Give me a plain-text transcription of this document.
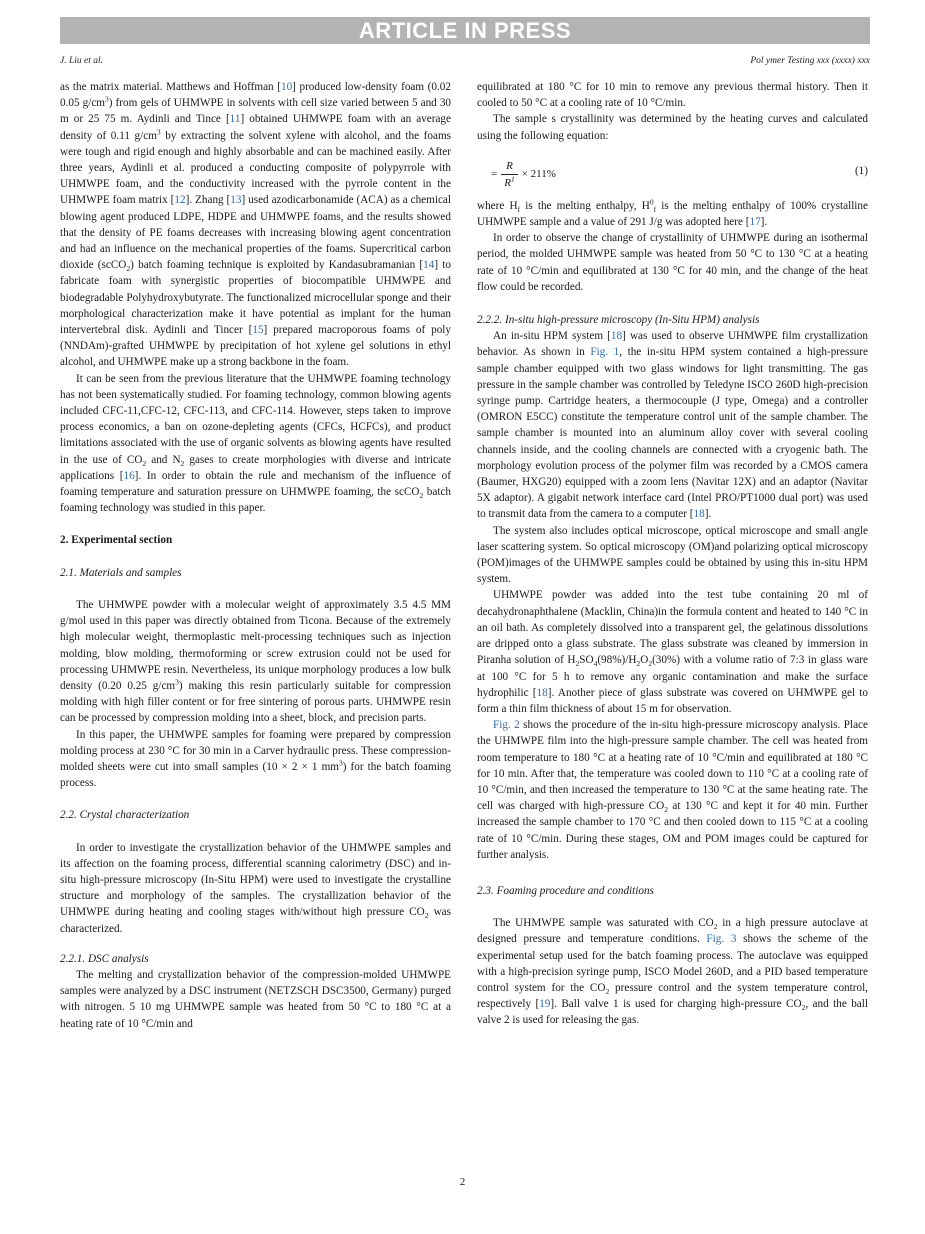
ARTICLE IN PRESS
J. Liu et al.	Pol ymer Testing xxx (xxxx) xxx

as the matrix material. Matthews and Hoffman [10] produced low-density foam (0.02 0.05 $g/cm^3$) from gels of UHMWPE in solvents with cell size varied between 5 and 30 m or 25 75 m. Aydinli and Tince [11] obtained UHMWPE foam with an average density of 0.11 $g/cm^3$ by extracting the solvent xylene with alcohol, and the foams were tough and rigid enough and highly absorbable and can be machined easily. After three years, Aydinli et al. produced a conducting composite of polypyrrole with UHMWPE foam, and the conductivity increased with the pyrrole content in the UHMWPE foam matrix [12]. Zhang [13] used azodicarbonamide (ACA) as a chemical blowing agent produced LDPE, HDPE and UHMWPE foams, and the results showed that the density of PE foams decreases with increasing blowing agent concentration and had an influence on the mechanical properties of the foams. Supercritical carbon dioxide (scCO$_2$) batch foaming technique is exploited by Kandasubramanian [14] to fabricate foam with synergistic properties of biocompatible UHMWPE and biodegradable Polyhydroxybutyrate. The functionalized microcellular sponge and their morphological characterization make it have potential as implant for the human intervertebral disk. Aydinli and Tincer [15] prepared macroporous foams of poly (NNDAm)-grafted UHMWPE by precipitation of hot xylene gel solutions in ethyl alcohol, and UHMWPE make up a strong backbone in the foam.

It can be seen from the previous literature that the UHMWPE foaming technology has not been systematically studied. For foaming technology, common blowing agents included CFC-11,CFC-12, CFC-113, and CFC-114. However, steps taken to improve process economics, a ban on ozone-depleting agents (CFCs, HCFCs), and product limitations associated with the use of organic solvents as blowing agents have resulted in the use of $CO_2$ and $N_2$ gases to create morphologies with diverse and intricate applications [16]. In order to obtain the rule and mechanism of the influence of foaming temperature and saturation pressure on UHMWPE foaming, the scCO$_2$ batch foaming technology was studied in this paper.

2. Experimental section

2.1. Materials and samples

The UHMWPE powder with a molecular weight of approximately 3.5 4.5 MM g/mol used in this paper was directly obtained from Ticona. Because of the extremely high molecular weight, thermoplastic melt-processing techniques such as injection molding, blow molding, thermoforming or screw extrusion could not be used for processing UHMWPE resin. Nevertheless, its unique morphology produces a low bulk density (0.20 0.25 $g/cm^3$) making this resin particularly suitable for compression molding with high filler content or for free sintering of porous parts. UHMWPE resin can be processed by compression molding into a sheet, block, and precision parts.

In this paper, the UHMWPE samples for foaming were prepared by compression molding process at 230 °C for 30 min in a Carver hydraulic press. These compression-molded sheets were cut into small samples (10 × 2 × 1 $mm^3$) for the batch foaming process.

2.2. Crystal characterization

In order to investigate the crystallization behavior of the UHMWPE samples and its affection on the foaming process, differential scanning calorimetry (DSC) and in-situ high-pressure microscopy (In-Situ HPM) were used to investigate the crystalline structure and morphology of the samples. The crystallization behavior of the UHMWPE during heating and cooling stages with/without high pressure $CO_2$ was characterized.

2.2.1. DSC analysis

The melting and crystallization behavior of the compression-molded UHMWPE samples were analyzed by a DSC instrument (NETZSCH DSC3500, Germany) purged with nitrogen. 5 10 mg UHMWPE sample was heated from 50 °C to 180 °C at a heating rate of 10 °C/min and

equilibrated at 180 °C for 10 min to remove any previous thermal history. Then it cooled to 50 °C at a cooling rate of 10 °C/min.

The sample s crystallinity was determined by the heating curves and calculated using the following equation:

= $\frac{R}{R^1} \times 211\%$	(1)

where $H_f$ is the melting enthalpy, $H^0_f$ is the melting enthalpy of 100% crystalline UHMWPE sample and a value of 291 J/g was adopted here [17].

In order to observe the change of crystallinity of UHMWPE during an isothermal period, the molded UHMWPE sample was heated from 50 °C to 130 °C at a heating rate of 10 °C/min and equilibrated at 130 °C for 40 min, and the change of the heat flow could be recorded.

2.2.2. In-situ high-pressure microscopy (In-Situ HPM) analysis

An in-situ HPM system [18] was used to observe UHMWPE film crystallization behavior. As shown in Fig. 1, the in-situ HPM system contained a high-pressure sample chamber equipped with two glass windows for light transmitting. The gas pressure in the sample chamber was controlled by Teledyne ISCO 260D high-precision syringe pump. Cartridge heaters, a thermocouple (J type, Omega) and a controller (OMRON E5CC) constitute the temperature control unit of the sample chamber. The sample chamber is mounted into an aluminum alloy cover with several cooling channels inside, and the cooling channels are connected with a cryogenic bath. The morphology evolution process of the polymer film was recorded by a CMOS camera (Baumer, HXG20) equipped with a zoom lens (Navitar 12X) and an adaptor (Navitar 5X adaptor). A gigabit network interface card (Intel PRO/PT1000 dual port) was used to transmit data from the camera to a computer [18].

The system also includes optical microscope, optical microscope and small angle laser scattering system. So optical microscopy (OM)and polarizing optical microscopy (POM)images of the UHMWPE samples could be obtained by using this in-situ HPM system.

UHMWPE powder was added into the test tube containing 20 ml of decahydronaphthalene (Macklin, China)in the formula content and heated to 140 °C in an oil bath. As completely dissolved into a transparent gel, the gelatinous dissolutions are dripped onto a glass substrate. The glass substrate was cleaned by immersion in Piranha solution of $H_2SO_4(98\%)/H_2O_2(30\%)$ with a volume ratio of 7:3 in glass ware at 100 °C for 5 h to remove any organic contamination and make the surface hydrophilic [18]. Another piece of glass substrate was covered on UHMWPE gel to form a thin film thickness of about 15 m for observation.

Fig. 2 shows the procedure of the in-situ high-pressure microscopy analysis. Place the UHMWPE film into the high-pressure sample chamber. The cell was heated from room temperature to 180 °C at a heating rate of 10 °C/min and equilibrated at 180 °C for 10 min. After that, the temperature was cooled down to 110 °C at a cooling rate of 10 °C/min, and then increased the temperature to 130 °C at the same heating rate. The cell was charged with high-pressure $CO_2$ at 130 °C and kept it for 40 min. Further increased the sample chamber to 170 °C and then cooled down to 115 °C at a cooling rate of 10 °C/min. During these stages, OM and POM images could be captured for further analysis.

2.3. Foaming procedure and conditions

The UHMWPE sample was saturated with $CO_2$ in a high pressure autoclave at designed pressure and temperature conditions. Fig. 3 shows the scheme of the experimental setup used for the batch foaming process. The autoclave was equipped with a high-precision syringe pump, ISCO Model 260D, and a PID based temperature control system for the $CO_2$ pressure control and the system temperature control, respectively [19]. Ball valve 1 is used for charging high-pressure $CO_2$, and the ball valve 2 is used for releasing the gas.

2
